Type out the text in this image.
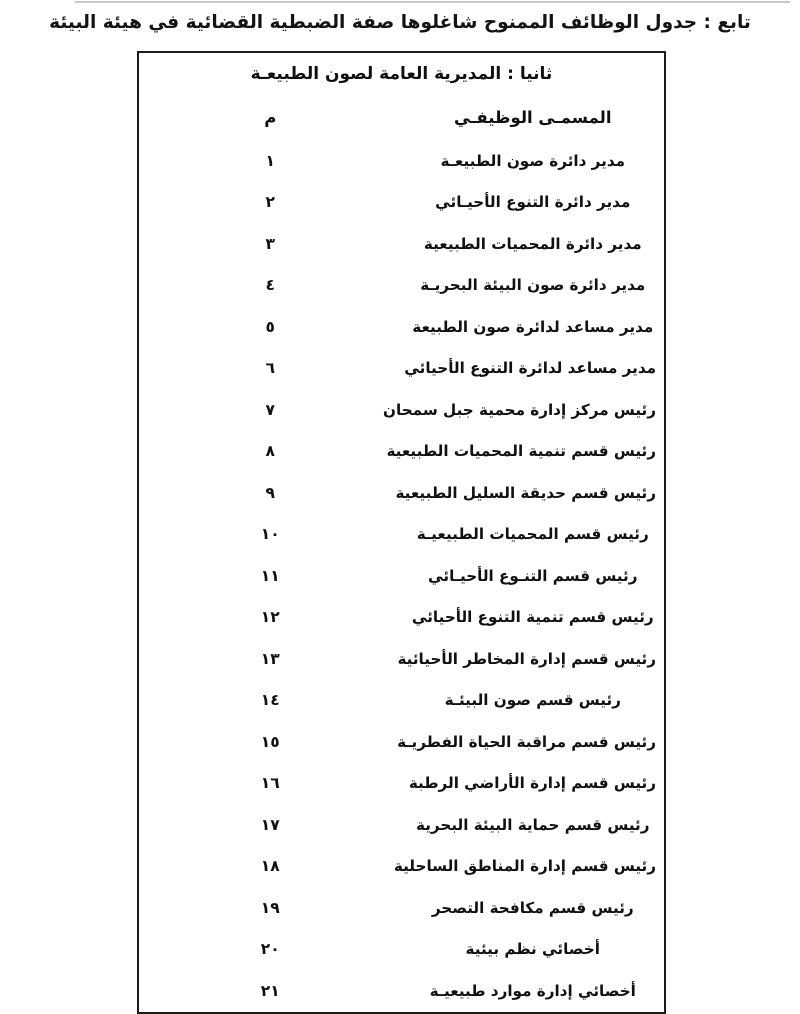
تابع : جدول الوظائف الممنوح شاغلوها صفة الضبطية القضائية في هيئة البيئة
ثانيا : المديرية العامة لصون الطبيعـة	
المسمـى الوظيفـي	م
مدير دائرة صون الطبيعـة	١
مدير دائرة التنوع الأحيـائي	٢
مدير دائرة المحميات الطبيعية	٣
مدير دائرة صون البيئة البحريـة	٤
مدير مساعد لدائرة صون الطبيعة	٥
مدير مساعد لدائرة التنوع الأحيائي	٦
رئيس مركز إدارة محمية جبل سمحان	٧
رئيس قسم تنمية المحميات الطبيعية	٨
رئيس قسم حديقة السليل الطبيعية	٩
رئيس قسم المحميات الطبيعيـة	١٠
رئيس قسم التنـوع الأحيـائي	١١
رئيس قسم تنمية التنوع الأحيائي	١٢
رئيس قسم إدارة المخاطر الأحيائية	١٣
رئيس قسم صون البيئـة	١٤
رئيس قسم مراقبة الحياة الفطريـة	١٥
رئيس قسم إدارة الأراضي الرطبة	١٦
رئيس قسم حماية البيئة البحرية	١٧
رئيس قسم إدارة المناطق الساحلية	١٨
رئيس قسم مكافحة التصحر	١٩
أخصائي نظم بيئية	٢٠
أخصائي إدارة موارد طبيعيـة	٢١
